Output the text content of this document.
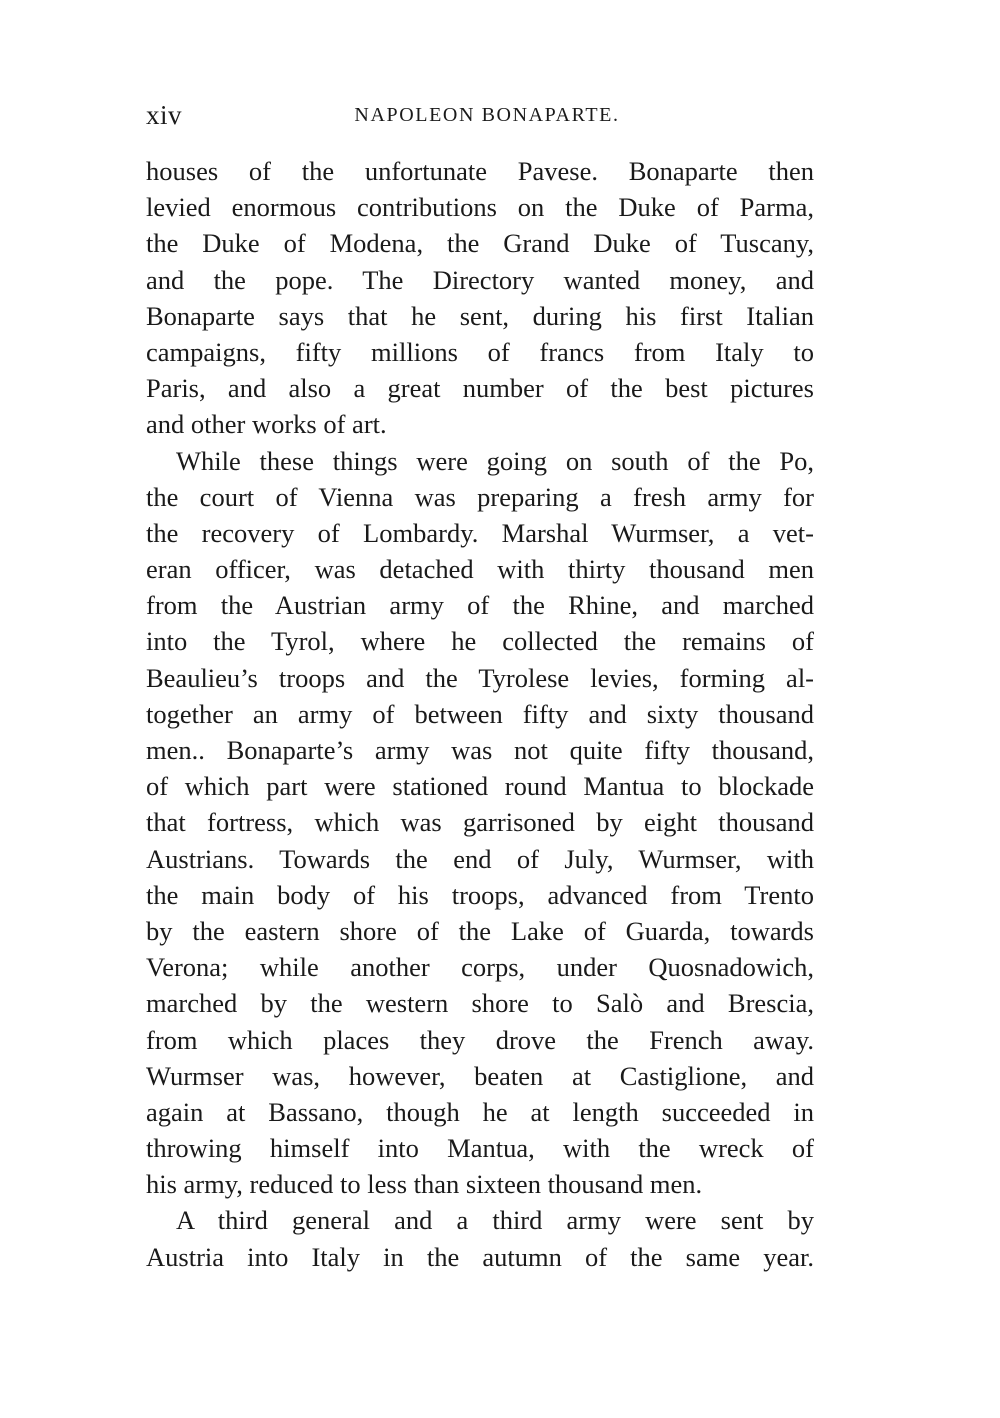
xiv	NAPOLEON BONAPARTE.
houses of the unfortunate Pavese. Bonaparte then
levied enormous contributions on the Duke of Parma,
the Duke of Modena, the Grand Duke of Tuscany,
and the pope. The Directory wanted money, and
Bonaparte says that he sent, during his first Italian
campaigns, fifty millions of francs from Italy to
Paris, and also a great number of the best pictures
and other works of art.
While these things were going on south of the Po,
the court of Vienna was preparing a fresh army for
the recovery of Lombardy. Marshal Wurmser, a vet-
eran officer, was detached with thirty thousand men
from the Austrian army of the Rhine, and marched
into the Tyrol, where he collected the remains of
Beaulieu’s troops and the Tyrolese levies, forming al-
together an army of between fifty and sixty thousand
men.. Bonaparte’s army was not quite fifty thousand,
of which part were stationed round Mantua to blockade
that fortress, which was garrisoned by eight thousand
Austrians. Towards the end of July, Wurmser, with
the main body of his troops, advanced from Trento
by the eastern shore of the Lake of Guarda, towards
Verona; while another corps, under Quosnadowich,
marched by the western shore to Salò and Brescia,
from which places they drove the French away.
Wurmser was, however, beaten at Castiglione, and
again at Bassano, though he at length succeeded in
throwing himself into Mantua, with the wreck of
his army, reduced to less than sixteen thousand men.
A third general and a third army were sent by
Austria into Italy in the autumn of the same year.
